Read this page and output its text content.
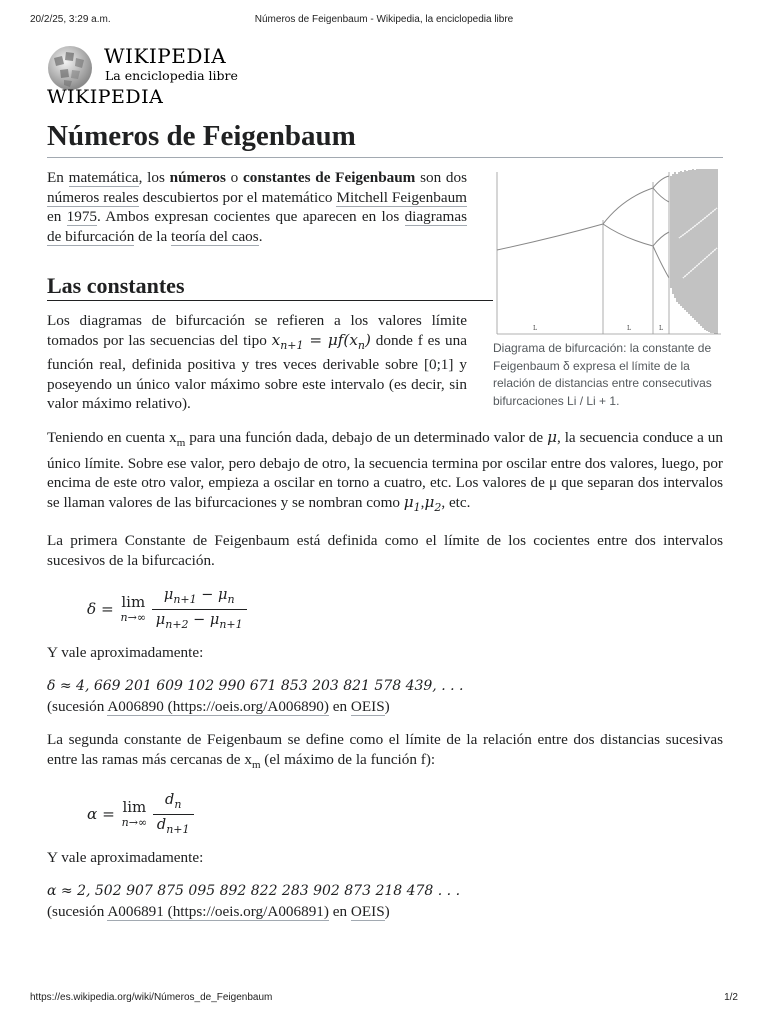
20/2/25, 3:29 a.m.	Números de Feigenbaum - Wikipedia, la enciclopedia libre
WIKIPEDIA
La enciclopedia libre
WIKIPEDIA
Números de Feigenbaum
L	L	L
Diagrama de bifurcación: la constante de Feigenbaum δ expresa el límite de la relación de distancias entre consecutivas bifurcaciones Li / Li + 1.

En matemática, los números o constantes de Feigenbaum son dos números reales descubiertos por el matemático Mitchell Feigenbaum en 1975. Ambos expresan cocientes que aparecen en los diagramas de bifurcación de la teoría del caos.

Las constantes

Los diagramas de bifurcación se refieren a los valores límite tomados por las secuencias del tipo $x_{n+1} = \mu f(x_n)$ donde f es una función real, definida positiva y tres veces derivable sobre [0;1] y poseyendo un único valor máximo sobre este intervalo (es decir, sin valor máximo relativo).

Teniendo en cuenta $x_m$ para una función dada, debajo de un determinado valor de μ, la secuencia conduce a un único límite. Sobre ese valor, pero debajo de otro, la secuencia termina por oscilar entre dos valores, luego, por encima de este otro valor, empieza a oscilar en torno a cuatro, etc. Los valores de μ que separan dos intervalos se llaman valores de las bifurcaciones y se nombran como $\mu_1,\mu_2$, etc.

La primera Constante de Feigenbaum está definida como el límite de los cocientes entre dos intervalos sucesivos de la bifurcación.

δ = lim
n→∞
$\frac{\mu_{n+1} - \mu_n}{\mu_{n+2} - \mu_{n+1}}$

Y vale aproximadamente:

δ ≈ 4, 669 201 609 102 990 671 853 203 821 578 439, . . .
(sucesión A006890 (https://oeis.org/A006890) en OEIS)

La segunda constante de Feigenbaum se define como el límite de la relación entre dos distancias sucesivas entre las ramas más cercanas de $x_m$ (el máximo de la función f):

α = lim
n→∞
$\frac{d_n}{d_{n+1}}$

Y vale aproximadamente:

α ≈ 2, 502 907 875 095 892 822 283 902 873 218 478 . . .
(sucesión A006891 (https://oeis.org/A006891) en OEIS)

https://es.wikipedia.org/wiki/Números_de_Feigenbaum	1/2
